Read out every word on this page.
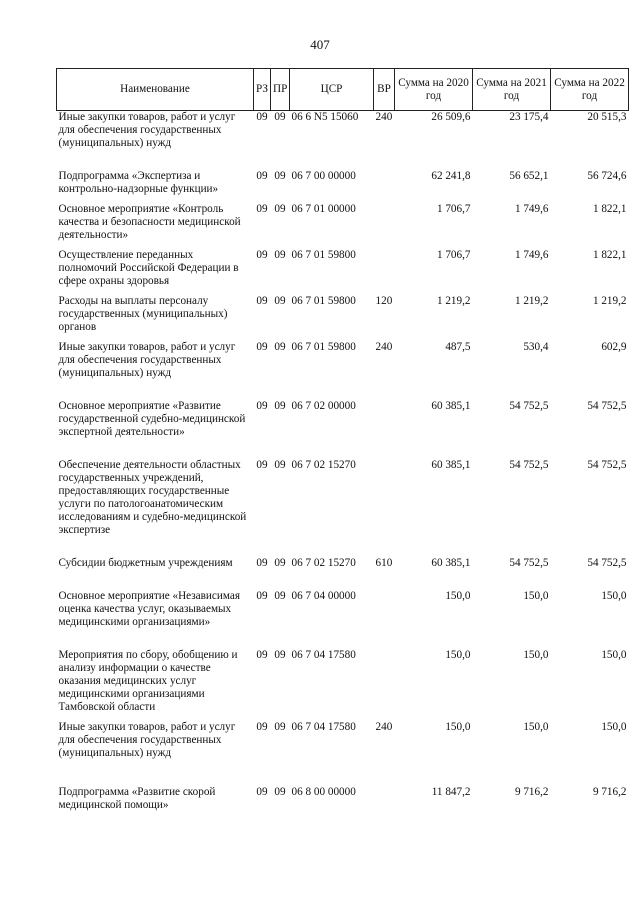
407
Наименование	РЗ	ПР	ЦСР	ВР	Сумма на 2020 год	Сумма на 2021 год	Сумма на 2022 год
Иные закупки товаров, работ и услуг для обеспечения государственных (муниципальных) нужд	09	09	06 6 N5 15060	240	26 509,6	23 175,4	20 515,3
Подпрограмма «Экспертиза и контрольно-надзорные функции»	09	09	06 7 00 00000		62 241,8	56 652,1	56 724,6
Основное мероприятие «Контроль качества и безопасности медицинской деятельности»	09	09	06 7 01 00000		1 706,7	1 749,6	1 822,1
Осуществление переданных полномочий Российской Федерации в сфере охраны здоровья	09	09	06 7 01 59800		1 706,7	1 749,6	1 822,1
Расходы на выплаты персоналу государственных (муниципальных) органов	09	09	06 7 01 59800	120	1 219,2	1 219,2	1 219,2
Иные закупки товаров, работ и услуг для обеспечения государственных (муниципальных) нужд	09	09	06 7 01 59800	240	487,5	530,4	602,9
Основное мероприятие «Развитие государственной судебно-медицинской экспертной деятельности»	09	09	06 7 02 00000		60 385,1	54 752,5	54 752,5
Обеспечение деятельности областных государственных учреждений, предоставляющих государственные услуги по патологоанатомическим исследованиям и судебно-медицинской экспертизе	09	09	06 7 02 15270		60 385,1	54 752,5	54 752,5
Субсидии бюджетным учреждениям	09	09	06 7 02 15270	610	60 385,1	54 752,5	54 752,5
Основное мероприятие «Независимая оценка качества услуг, оказываемых медицинскими организациями»	09	09	06 7 04 00000		150,0	150,0	150,0
Мероприятия по сбору, обобщению и анализу информации о качестве оказания медицинских услуг медицинскими организациями Тамбовской области	09	09	06 7 04 17580		150,0	150,0	150,0
Иные закупки товаров, работ и услуг для обеспечения государственных (муниципальных) нужд	09	09	06 7 04 17580	240	150,0	150,0	150,0
Подпрограмма «Развитие скорой медицинской помощи»	09	09	06 8 00 00000		11 847,2	9 716,2	9 716,2
